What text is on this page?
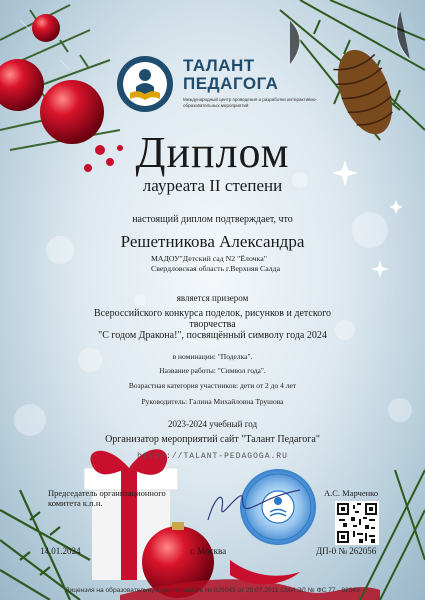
ТАЛАНТ
ПЕДАГОГА
Международный центр проведения и разработки интерактивно-образовательных мероприятий
Диплом
лауреата II степени
настоящий диплом подтверждает, что
Решетникова Александра
МАДОУ"Детский сад N2 "Ёлочка"
Свердловская область г.Верхняя Салда
является призером
Всероссийского конкурса поделок, рисунков и детского творчества
"С годом Дракона!", посвящённый символу года 2024
в номинации: "Поделка".
Название работы: "Символ года".
Возрастная категория участников: дети от 2 до 4 лет
Руководитель: Галина Михайловна Трушова
2023-2024 учебный год
Организатор мероприятий сайт "Талант Педагога"
https://TALANT-PEDAGOGA.RU
Председатель организационного комитета к.п.н.
А.С. Марченко
14.01.2024	г. Москва	ДП-0 № 262056
Лицензия на образовательную деятельность № 029045 от 20.07.2011 СМИ ЭЛ № ФС 77 - 82049
